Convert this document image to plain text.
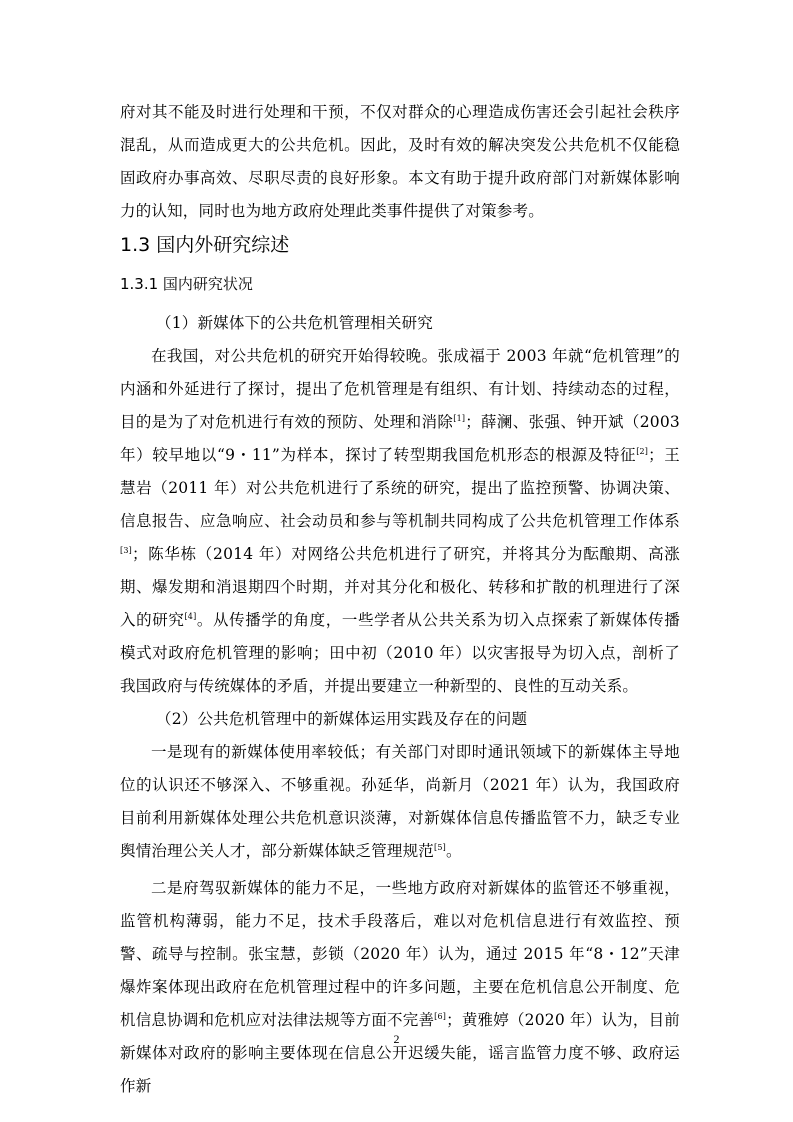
府对其不能及时进行处理和干预，不仅对群众的心理造成伤害还会引起社会秩序混乱，从而造成更大的公共危机。因此，及时有效的解决突发公共危机不仅能稳固政府办事高效、尽职尽责的良好形象。本文有助于提升政府部门对新媒体影响力的认知，同时也为地方政府处理此类事件提供了对策参考。

1.3 国内外研究综述
1.3.1 国内研究状况

（1）新媒体下的公共危机管理相关研究

在我国，对公共危机的研究开始得较晚。张成福于 2003 年就“危机管理”的内涵和外延进行了探讨，提出了危机管理是有组织、有计划、持续动态的过程，目的是为了对危机进行有效的预防、处理和消除[1]；薛澜、张强、钟开斌（2003 年）较早地以“9・11”为样本，探讨了转型期我国危机形态的根源及特征[2]；王慧岩（2011 年）对公共危机进行了系统的研究，提出了监控预警、协调决策、信息报告、应急响应、社会动员和参与等机制共同构成了公共危机管理工作体系[3]；陈华栋（2014 年）对网络公共危机进行了研究，并将其分为酝酿期、高涨期、爆发期和消退期四个时期，并对其分化和极化、转移和扩散的机理进行了深入的研究[4]。从传播学的角度，一些学者从公共关系为切入点探索了新媒体传播模式对政府危机管理的影响；田中初（2010 年）以灾害报导为切入点，剖析了我国政府与传统媒体的矛盾，并提出要建立一种新型的、良性的互动关系。

（2）公共危机管理中的新媒体运用实践及存在的问题

一是现有的新媒体使用率较低；有关部门对即时通讯领域下的新媒体主导地位的认识还不够深入、不够重视。孙延华，尚新月（2021 年）认为，我国政府目前利用新媒体处理公共危机意识淡薄，对新媒体信息传播监管不力，缺乏专业舆情治理公关人才，部分新媒体缺乏管理规范[5]。

二是府驾驭新媒体的能力不足，一些地方政府对新媒体的监管还不够重视，监管机构薄弱，能力不足，技术手段落后，难以对危机信息进行有效监控、预警、疏导与控制。张宝慧，彭锁（2020 年）认为，通过 2015 年“8・12”天津爆炸案体现出政府在危机管理过程中的许多问题，主要在危机信息公开制度、危机信息协调和危机应对法律法规等方面不完善[6]；黄雅婷（2020 年）认为，目前新媒体对政府的影响主要体现在信息公开迟缓失能，谣言监管力度不够、政府运作新

2
